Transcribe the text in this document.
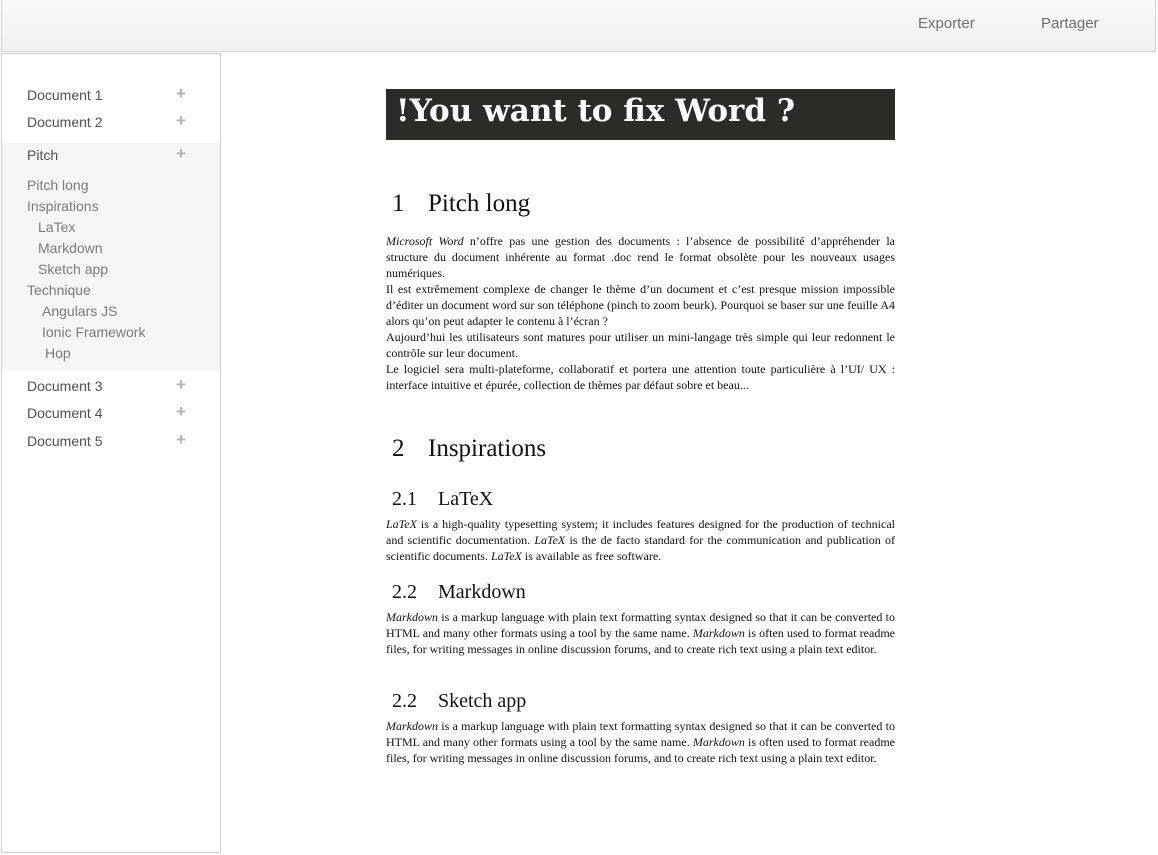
Exporter	Partager
Document 1	+
Document 2	+
Pitch	+
Pitch long
Inspirations
LaTex
Markdown
Sketch app
Technique
Angulars JS
Ionic Framework
Hop
Document 3	+
Document 4	+
Document 5	+
!You want to fix Word ?
1 Pitch long

Microsoft Word n’offre pas une gestion des documents : l’absence de possibilité d’appréhender la structure du document inhérente au format .doc rend le format obsolète pour les nouveaux usages numériques.

Il est extrêmement complexe de changer le thème d’un document et c’est presque mission impossible d’éditer un document word sur son téléphone (pinch to zoom beurk). Pourquoi se baser sur une feuille A4 alors qu’on peut adapter le contenu à l’écran ?

Aujourd’hui les utilisateurs sont matures pour utiliser un mini-langage très simple qui leur redonnent le contrôle sur leur document.

Le logiciel sera multi-plateforme, collaboratif et portera une attention toute particulière à l’UI/ UX : interface intuitive et épurée, collection de thèmes par défaut sobre et beau...

2 Inspirations
2.1 LaTeX

LaTeX is a high-quality typesetting system; it includes features designed for the production of technical and scientific documentation. LaTeX is the de facto standard for the communication and publication of scientific documents. LaTeX is available as free software.

2.2 Markdown

Markdown is a markup language with plain text formatting syntax designed so that it can be converted to HTML and many other formats using a tool by the same name. Markdown is often used to format readme files, for writing messages in online discussion forums, and to create rich text using a plain text editor.

2.2 Sketch app

Markdown is a markup language with plain text formatting syntax designed so that it can be converted to HTML and many other formats using a tool by the same name. Markdown is often used to format readme files, for writing messages in online discussion forums, and to create rich text using a plain text editor.
